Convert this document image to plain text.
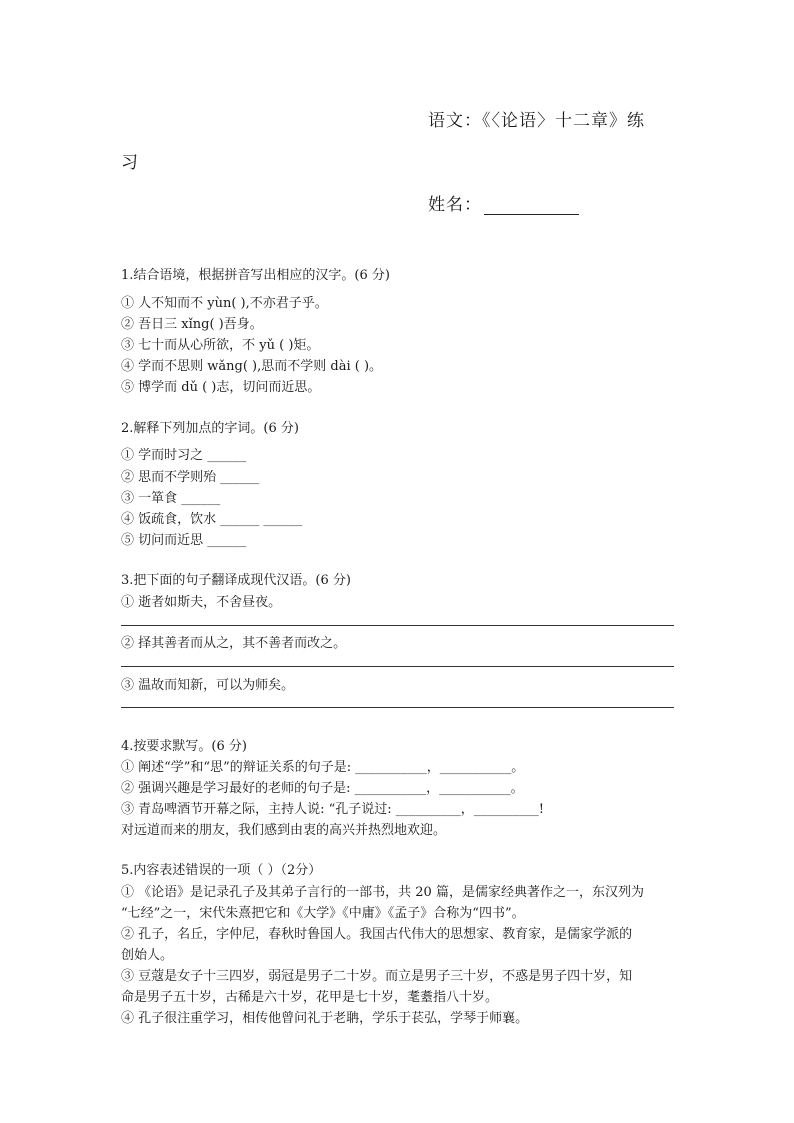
语文：《〈论语〉十二章》练
习
姓名：
1.结合语境，根据拼音写出相应的汉字。(6 分)
① 人不知而不 yùn( ),不亦君子乎。
② 吾日三 xǐng( )吾身。
③ 七十而从心所欲，不 yǔ ( )矩。
④ 学而不思则 wǎng( ),思而不学则 dài ( )。
⑤ 博学而 dǔ ( )志，切问而近思。
2.解释下列加点的字词。(6 分)
① 学而时习之 ______
② 思而不学则殆 ______
③ 一箪食 ______
④ 饭疏食，饮水 ______ ______
⑤ 切问而近思 ______
3.把下面的句子翻译成现代汉语。(6 分)
① 逝者如斯夫，不舍昼夜。
② 择其善者而从之，其不善者而改之。
③ 温故而知新，可以为师矣。
4.按要求默写。(6 分)
① 阐述“学”和“思”的辩证关系的句子是: ___________，___________。
② 强调兴趣是学习最好的老师的句子是: ___________，___________。
③ 青岛啤酒节开幕之际，主持人说: “孔子说过: __________，__________!
对远道而来的朋友，我们感到由衷的高兴并热烈地欢迎。
5.内容表述错误的一项（ ）（2分）
① 《论语》是记录孔子及其弟子言行的一部书，共 20 篇，是儒家经典著作之一，东汉列为
“七经”之一，宋代朱熹把它和《大学》《中庸》《孟子》合称为“四书”。
② 孔子，名丘，字仲尼，春秋时鲁国人。我国古代伟大的思想家、教育家，是儒家学派的
创始人。
③ 豆蔻是女子十三四岁，弱冠是男子二十岁。而立是男子三十岁，不惑是男子四十岁，知
命是男子五十岁，古稀是六十岁，花甲是七十岁，耄耋指八十岁。
④ 孔子很注重学习，相传他曾问礼于老聃，学乐于苌弘，学琴于师襄。
